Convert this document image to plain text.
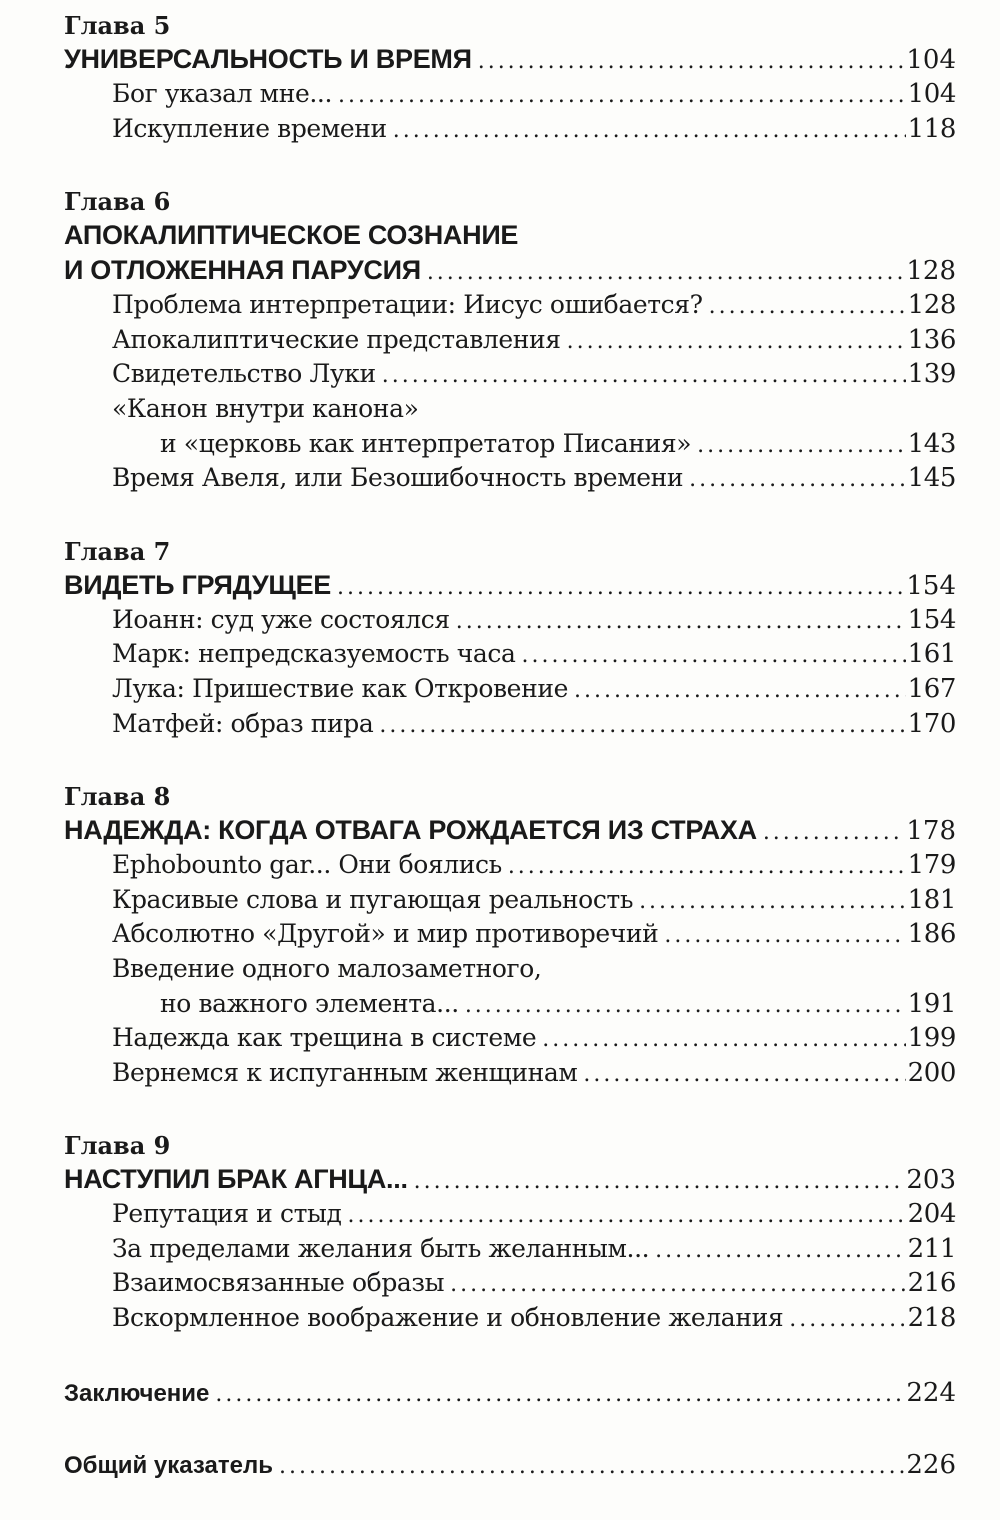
Глава 5
УНИВЕРСАЛЬНОСТЬ И ВРЕМЯ .....	104
Бог указал мне... .....	104
Искупление времени .....	118
Глава 6
АПОКАЛИПТИЧЕСКОЕ СОЗНАНИЕ
И ОТЛОЖЕННАЯ ПАРУСИЯ .....	128
Проблема интерпретации: Иисус ошибается? .....	128
Апокалиптические представления .....	136
Свидетельство Луки .....	139
«Канон внутри канона»
и «церковь как интерпретатор Писания» .....	143
Время Авеля, или Безошибочность времени .....	145
Глава 7
ВИДЕТЬ ГРЯДУЩЕЕ .....	154
Иоанн: суд уже состоялся .....	154
Марк: непредсказуемость часа .....	161
Лука: Пришествие как Откровение .....	167
Матфей: образ пира .....	170
Глава 8
НАДЕЖДА: КОГДА ОТВАГА РОЖДАЕТСЯ ИЗ СТРАХА .....	178
Ephobounto gar... Они боялись .....	179
Красивые слова и пугающая реальность .....	181
Абсолютно «Другой» и мир противоречий .....	186
Введение одного малозаметного,
но важного элемента... .....	191
Надежда как трещина в системе .....	199
Вернемся к испуганным женщинам .....	200
Глава 9
НАСТУПИЛ БРАК АГНЦА... .....	203
Репутация и стыд .....	204
За пределами желания быть желанным... .....	211
Взаимосвязанные образы .....	216
Вскормленное воображение и обновление желания .....	218
Заключение .....	224
Общий указатель .....	226
